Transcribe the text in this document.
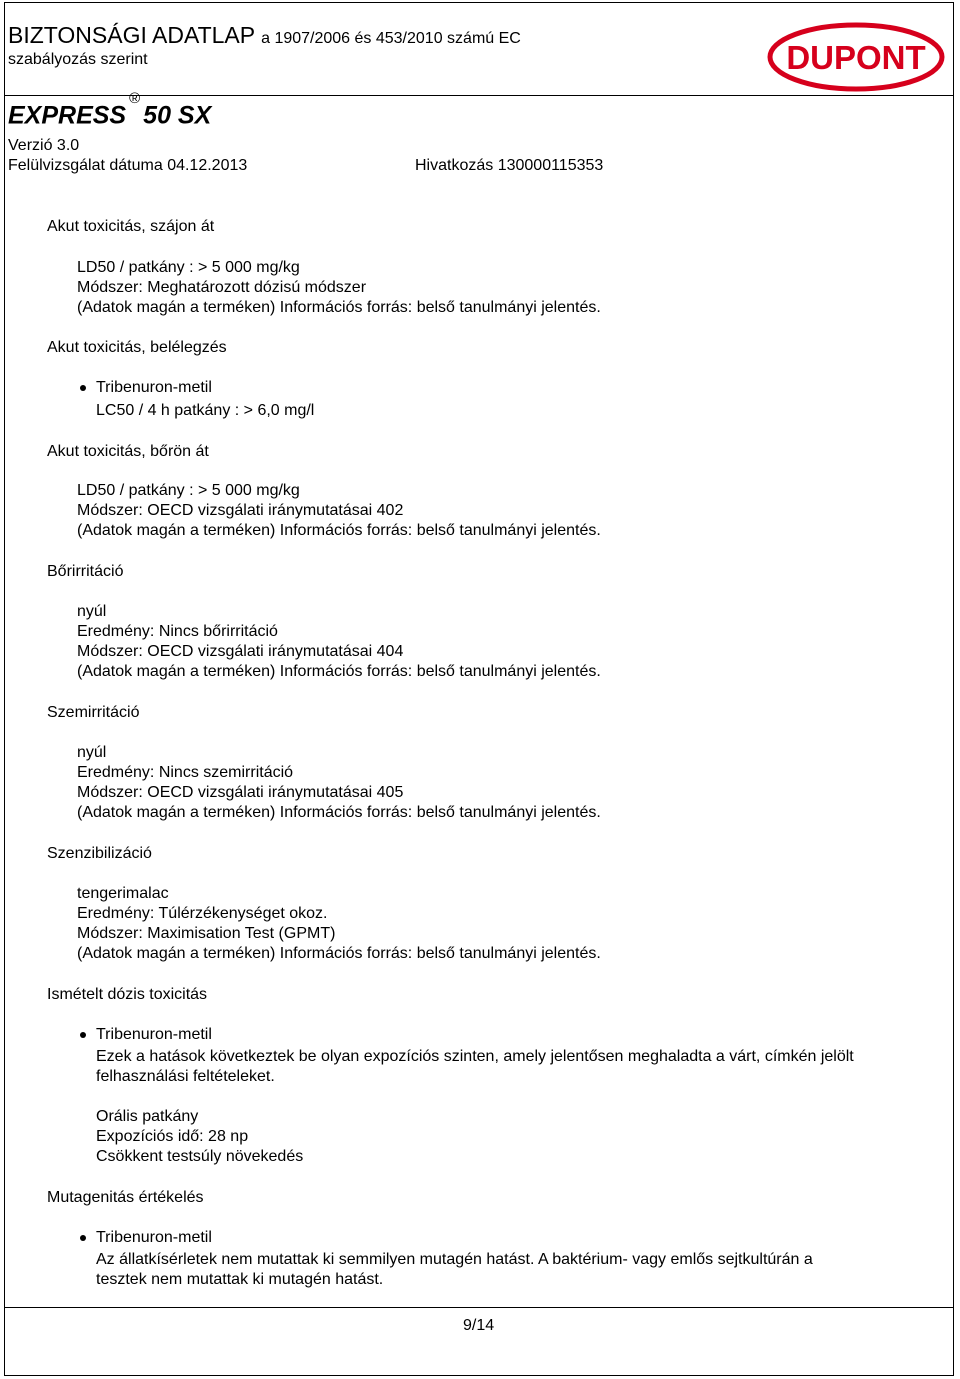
BIZTONSÁGI ADATLAP a 1907/2006 és 453/2010 számú EC
szabályozás szerint	DUPONT
EXPRESS®50 SX
Verzió 3.0
Felülvizsgálat dátuma 04.12.2013	Hivatkozás 130000115353
Akut toxicitás, szájon át
LD50 / patkány : > 5 000 mg/kg
Módszer: Meghatározott dózisú módszer
(Adatok magán a terméken) Információs forrás: belső tanulmányi jelentés.
Akut toxicitás, belélegzés
Tribenuron-metil
LC50 / 4 h patkány : > 6,0 mg/l
Akut toxicitás, bőrön át
LD50 / patkány : > 5 000 mg/kg
Módszer: OECD vizsgálati iránymutatásai 402
(Adatok magán a terméken) Információs forrás: belső tanulmányi jelentés.
Bőrirritáció
nyúl
Eredmény: Nincs bőrirritáció
Módszer: OECD vizsgálati iránymutatásai 404
(Adatok magán a terméken) Információs forrás: belső tanulmányi jelentés.
Szemirritáció
nyúl
Eredmény: Nincs szemirritáció
Módszer: OECD vizsgálati iránymutatásai 405
(Adatok magán a terméken) Információs forrás: belső tanulmányi jelentés.
Szenzibilizáció
tengerimalac
Eredmény: Túlérzékenységet okoz.
Módszer: Maximisation Test (GPMT)
(Adatok magán a terméken) Információs forrás: belső tanulmányi jelentés.
Ismételt dózis toxicitás
Tribenuron-metil
Ezek a hatások következtek be olyan expozíciós szinten, amely jelentősen meghaladta a várt, címkén jelölt
felhasználási feltételeket.
Orális patkány
Expozíciós idő: 28 np
Csökkent testsúly növekedés
Mutagenitás értékelés
Tribenuron-metil
Az állatkísérletek nem mutattak ki semmilyen mutagén hatást. A baktérium- vagy emlős sejtkultúrán a
tesztek nem mutattak ki mutagén hatást.
9/14
